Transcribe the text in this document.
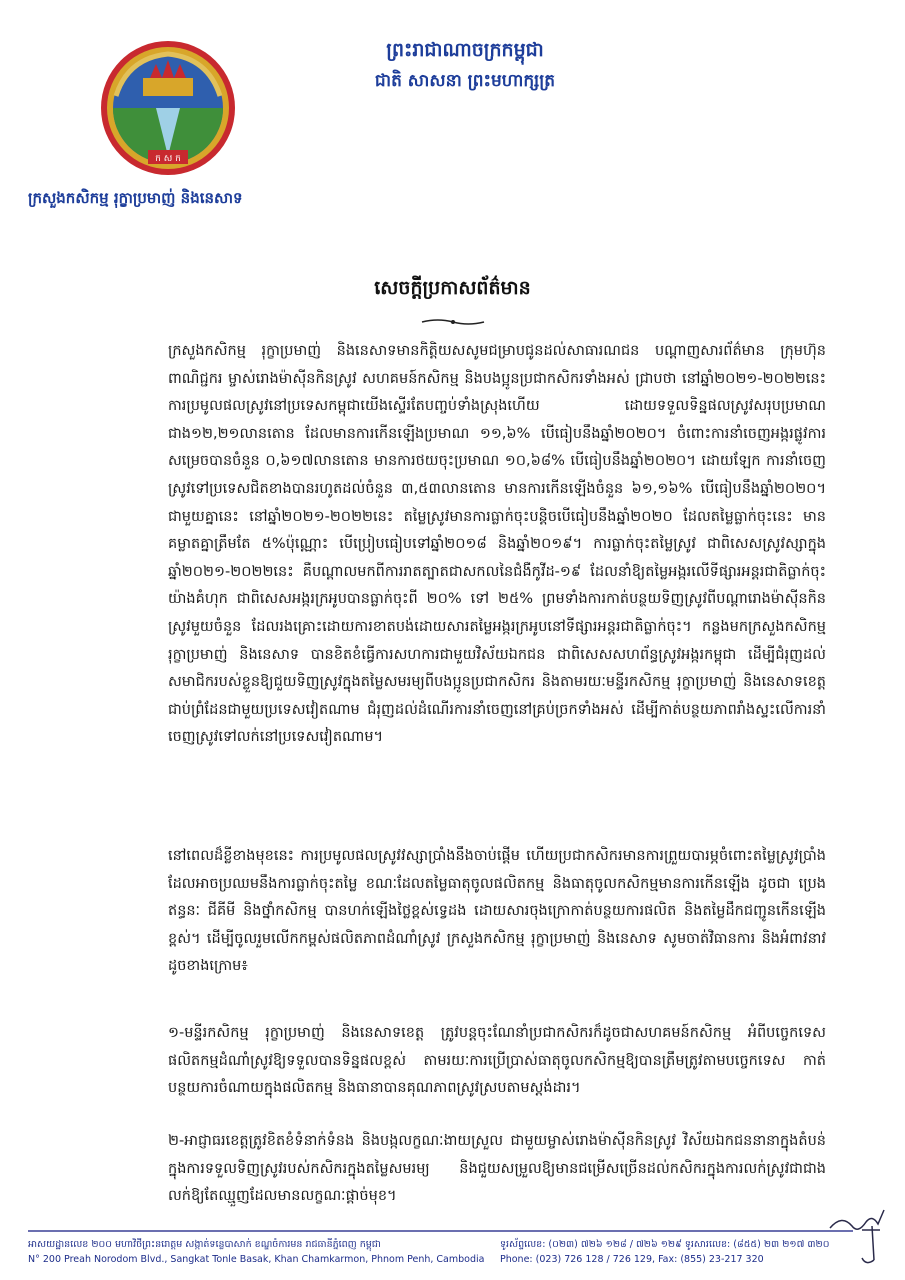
ក ស ក
ក្រសួងកសិកម្ម រុក្ខាប្រមាញ់ និងនេសាទ
ព្រះរាជាណាចក្រកម្ពុជា
ជាតិ សាសនា ព្រះមហាក្សត្រ
សេចក្តីប្រកាសព័ត៌មាន
ក្រសួងកសិកម្ម រុក្ខាប្រមាញ់ និងនេសាទមានកិត្តិយសសូមជម្រាបជូនដល់សាធារណជន បណ្តាញសារព័ត៌មាន ក្រុមហ៊ុន ពាណិជ្ជករ ម្ចាស់រោងម៉ាស៊ីនកិនស្រូវ សហគមន៍កសិកម្ម និងបងប្អូនប្រជាកសិករទាំងអស់ ជ្រាបថា នៅឆ្នាំ២០២១-២០២២នេះ ការប្រមូលផលស្រូវនៅប្រទេសកម្ពុជាយើងស្ទើរតែបញ្ចប់ទាំងស្រុងហើយ ដោយទទួលទិន្នផលស្រូវសរុបប្រមាណជាង១២,២១លានតោន ដែលមានការកើនឡើងប្រមាណ ១១,៦% បើធៀបនឹងឆ្នាំ២០២០។ ចំពោះការនាំចេញអង្ករផ្លូវការសម្រេចបានចំនួន ០,៦១៧លានតោន មានការថយចុះប្រមាណ ១០,៦៨% បើធៀបនឹងឆ្នាំ២០២០។ ដោយឡែក ការនាំចេញស្រូវទៅប្រទេសជិតខាងបានរហូតដល់ចំនួន ៣,៥៣លានតោន មានការកើនឡើងចំនួន ៦១,១៦% បើធៀបនឹងឆ្នាំ២០២០។ ជាមួយគ្នានេះ នៅឆ្នាំ២០២១-២០២២នេះ តម្លៃស្រូវមានការធ្លាក់ចុះបន្តិចបើធៀបនឹងឆ្នាំ២០២០ ដែលតម្លៃធ្លាក់ចុះនេះ មានគម្លាតគ្នាត្រឹមតែ ៥%ប៉ុណ្ណោះ បើប្រៀបធៀបទៅឆ្នាំ២០១៨ និងឆ្នាំ២០១៩។ ការធ្លាក់ចុះតម្លៃស្រូវ ជាពិសេសស្រូវស្សាក្នុងឆ្នាំ២០២១-២០២២នេះ គឺបណ្តាលមកពីការរាតត្បាតជាសកលនៃជំងឺកូវីដ-១៩ ដែលនាំឱ្យតម្លៃអង្ករលើទីផ្សារអន្តរជាតិធ្លាក់ចុះយ៉ាងគំហុក ជាពិសេសអង្ករក្រអូបបានធ្លាក់ចុះពី ២០% ទៅ ២៥% ព្រមទាំងការកាត់បន្ថយទិញស្រូវពីបណ្តារោងម៉ាស៊ីនកិនស្រូវមួយចំនួន ដែលរងគ្រោះដោយការខាតបង់ដោយសារតម្លៃអង្ករក្រអូបនៅទីផ្សារអន្តរជាតិធ្លាក់ចុះ។ កន្លងមកក្រសួងកសិកម្ម រុក្ខាប្រមាញ់ និងនេសាទ បានខិតខំធ្វើការសហការជាមួយវិស័យឯកជន ជាពិសេសសហព័ន្ធស្រូវអង្ករកម្ពុជា ដើម្បីជំរុញដល់សមាជិករបស់ខ្លួនឱ្យជួយទិញស្រូវក្នុងតម្លៃសមរម្យពីបងប្អូនប្រជាកសិករ និងតាមរយៈមន្ទីរកសិកម្ម រុក្ខាប្រមាញ់ និងនេសាទខេត្តជាប់ព្រំដែនជាមួយប្រទេសវៀតណាម ជំរុញដល់ដំណើរការនាំចេញនៅគ្រប់ច្រកទាំងអស់ ដើម្បីកាត់បន្ថយភាពរាំងស្ទះលើការនាំចេញស្រូវទៅលក់នៅប្រទេសវៀតណាម។
នៅពេលដ៏ខ្លីខាងមុខនេះ ការប្រមូលផលស្រូវវស្សាប្រាំងនឹងចាប់ផ្តើម ហើយប្រជាកសិករមានការព្រួយបារម្ភចំពោះតម្លៃស្រូវប្រាំងដែលអាចប្រឈមនឹងការធ្លាក់ចុះតម្លៃ ខណៈដែលតម្លៃធាតុចូលផលិតកម្ម និងធាតុចូលកសិកម្មមានការកើនឡើង ដូចជា ប្រេងឥន្ធនៈ ជីគីមី និងថ្នាំកសិកម្ម បានហក់ឡើងថ្លៃខ្ពស់ទ្វេដង ដោយសារចុងក្រោកាត់បន្ថយការផលិត និងតម្លៃដឹកជញ្ជូនកើនឡើងខ្ពស់។ ដើម្បីចូលរួមលើកកម្ពស់ផលិតភាពដំណាំស្រូវ ក្រសួងកសិកម្ម រុក្ខាប្រមាញ់ និងនេសាទ សូមចាត់វិធានការ និងអំពាវនាវដូចខាងក្រោម៖
១-មន្ទីរកសិកម្ម រុក្ខាប្រមាញ់ និងនេសាទខេត្ត ត្រូវបន្តចុះណែនាំប្រជាកសិករក៏ដូចជាសហគមន៍កសិកម្ម អំពីបច្ចេកទេសផលិតកម្មដំណាំស្រូវឱ្យទទួលបានទិន្នផលខ្ពស់ តាមរយៈការប្រើប្រាស់ធាតុចូលកសិកម្មឱ្យបានត្រឹមត្រូវតាមបច្ចេកទេស កាត់បន្ថយការចំណាយក្នុងផលិតកម្ម និងធានាបានគុណភាពស្រូវស្របតាមស្តង់ដារ។
២-អាជ្ញាធរខេត្តត្រូវខិតខំទំនាក់ទំនង និងបង្កលក្ខណៈងាយស្រួល ជាមួយម្ចាស់រោងម៉ាស៊ីនកិនស្រូវ វិស័យឯកជននានាក្នុងតំបន់ក្នុងការទទួលទិញស្រូវរបស់កសិករក្នុងតម្លៃសមរម្យ និងជួយសម្រួលឱ្យមានជម្រើសច្រើនដល់កសិករក្នុងការលក់ស្រូវជាជាងលក់ឱ្យតែឈ្មួញដែលមានលក្ខណៈផ្តាច់មុខ។
អាសយដ្ឋានលេខ ២០០ មហាវិថីព្រះនរោត្តម សង្កាត់ទន្លេបាសាក់ ខណ្ឌចំការមន រាជធានីភ្នំពេញ កម្ពុជា
N° 200 Preah Norodom Blvd., Sangkat Tonle Basak, Khan Chamkarmon, Phnom Penh, Cambodia
ទូរស័ព្ទលេខ: (០២៣) ៧២៦ ១២៨ / ៧២៦ ១២៩ ទូរសារលេខ: (៨៥៥) ២៣ ២១៧ ៣២០
Phone: (023) 726 128 / 726 129, Fax: (855) 23-217 320
